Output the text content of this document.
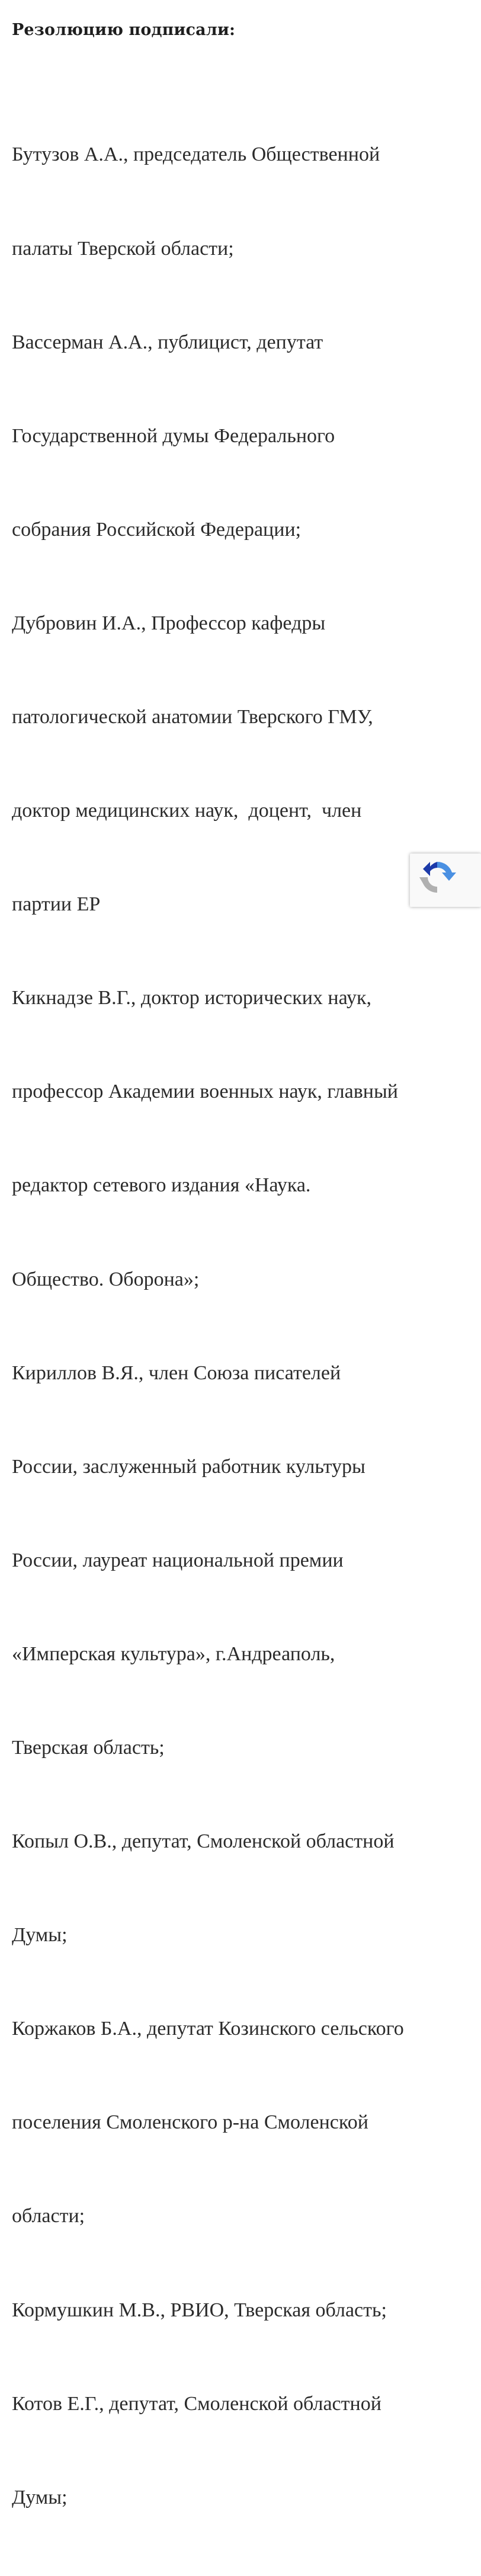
Резолюцию подписали:

Бутузов А.А., председатель Общественной

палаты Тверской области;

Вассерман А.А., публицист, депутат

Государственной думы Федерального

собрания Российской Федерации;

Дубровин И.А., Профессор кафедры

патологической анатомии Тверского ГМУ,

доктор медицинских наук,  доцент,  член

партии ЕР

Кикнадзе В.Г., доктор исторических наук,

профессор Академии военных наук, главный

редактор сетевого издания «Наука.

Общество. Оборона»;

Кириллов В.Я., член Союза писателей

России, заслуженный работник культуры

России, лауреат национальной премии

«Имперская культура», г.Андреаполь,

Тверская область;

Копыл О.В., депутат, Смоленской областной

Думы;

Коржаков Б.А., депутат Козинского сельского

поселения Смоленского р-на Смоленской

области;

Кормушкин М.В., РВИО, Тверская область;

Котов Е.Г., депутат, Смоленской областной

Думы;
